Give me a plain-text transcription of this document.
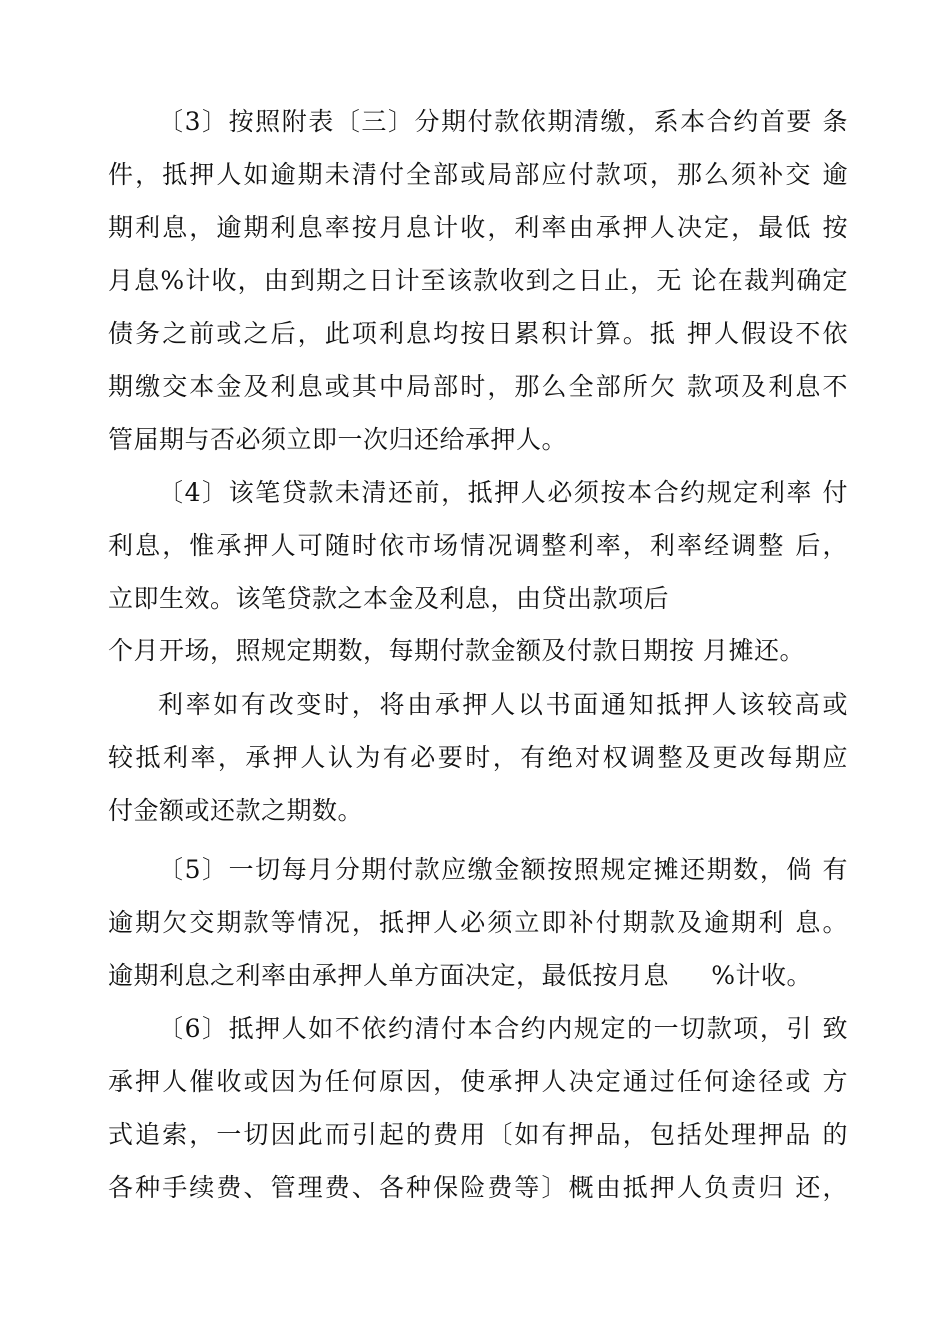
〔3〕按照附表〔三〕分期付款依期清缴，系本合约首要 条
件，抵押人如逾期未清付全部或局部应付款项，那么须补交 逾
期利息，逾期利息率按月息计收，利率由承押人决定，最低 按
月息%计收，由到期之日计至该款收到之日止，无 论在裁判确定
债务之前或之后，此项利息均按日累积计算。抵 押人假设不依
期缴交本金及利息或其中局部时，那么全部所欠 款项及利息不
管届期与否必须立即一次归还给承押人。
〔4〕该笔贷款未清还前，抵押人必须按本合约规定利率 付
利息，惟承押人可随时依市场情况调整利率，利率经调整 后，
立即生效。该笔贷款之本金及利息，由贷出款项后
个月开场，照规定期数，每期付款金额及付款日期按 月摊还。
利率如有改变时，将由承押人以书面通知抵押人该较高或
较抵利率，承押人认为有必要时，有绝对权调整及更改每期应
付金额或还款之期数。
〔5〕一切每月分期付款应缴金额按照规定摊还期数，倘 有
逾期欠交期款等情况，抵押人必须立即补付期款及逾期利 息。
逾期利息之利率由承押人单方面决定，最低按月息     %计收。
〔6〕抵押人如不依约清付本合约内规定的一切款项，引 致
承押人催收或因为任何原因，使承押人决定通过任何途径或 方
式追索，一切因此而引起的费用〔如有押品，包括处理押品 的
各种手续费、管理费、各种保险费等〕概由抵押人负责归 还，
